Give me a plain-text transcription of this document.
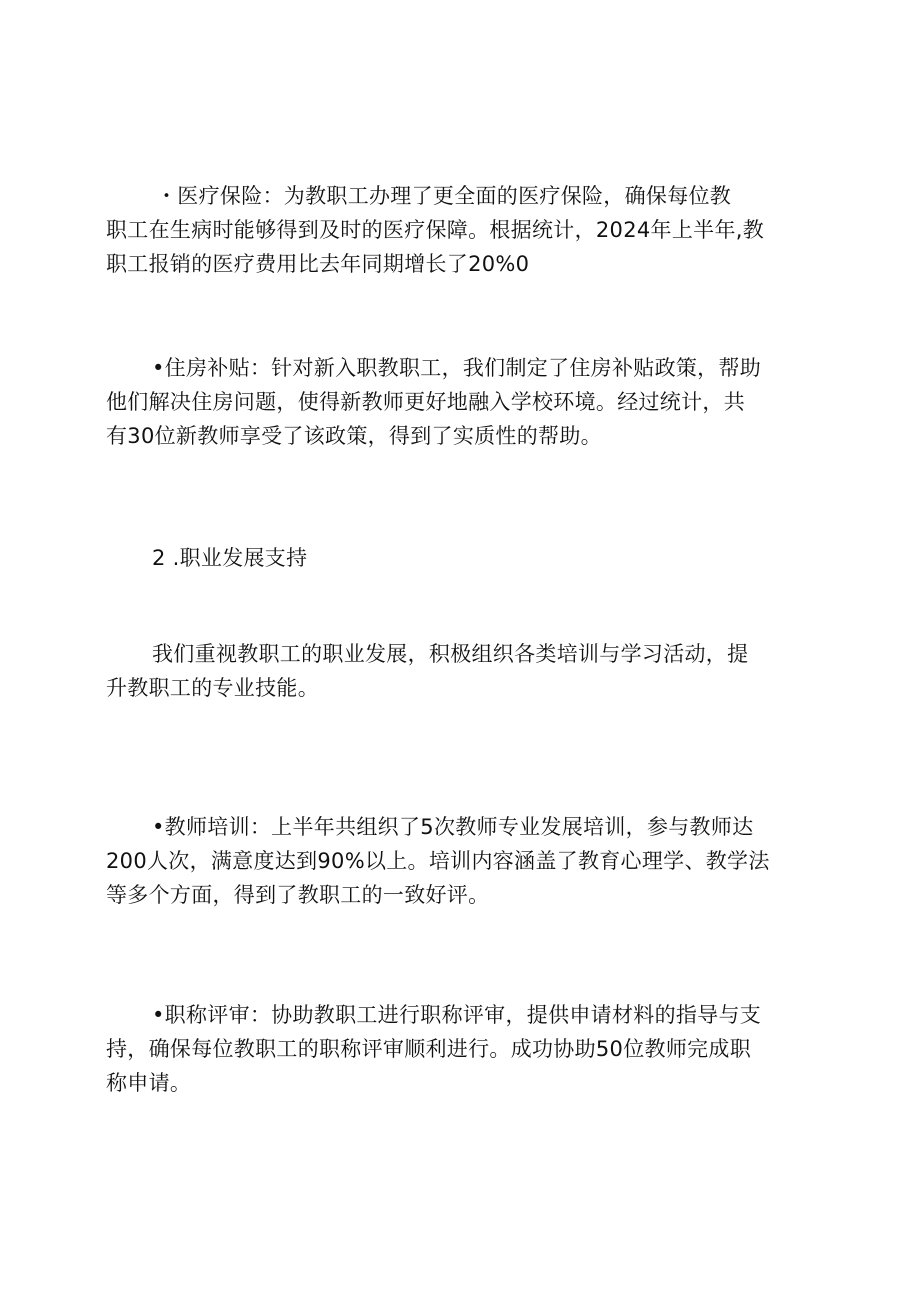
・医疗保险：为教职工办理了更全面的医疗保险，确保每位教
职工在生病时能够得到及时的医疗保障。根据统计，2024年上半年,教
职工报销的医疗费用比去年同期增长了20%0
•住房补贴：针对新入职教职工，我们制定了住房补贴政策，帮助
他们解决住房问题，使得新教师更好地融入学校环境。经过统计，共
有30位新教师享受了该政策，得到了实质性的帮助。
2 .职业发展支持
我们重视教职工的职业发展，积极组织各类培训与学习活动，提
升教职工的专业技能。
•教师培训：上半年共组织了5次教师专业发展培训，参与教师达
200人次，满意度达到90%以上。培训内容涵盖了教育心理学、教学法
等多个方面，得到了教职工的一致好评。
•职称评审：协助教职工进行职称评审，提供申请材料的指导与支
持，确保每位教职工的职称评审顺利进行。成功协助50位教师完成职
称申请。
